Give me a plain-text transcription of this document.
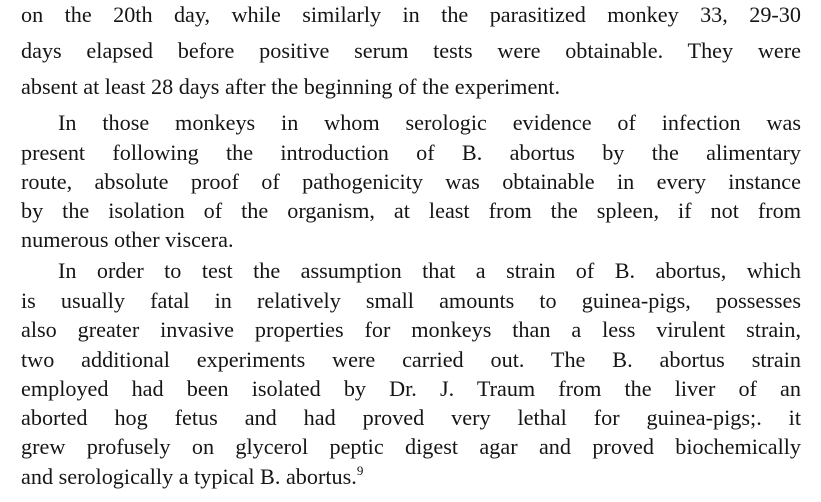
on the 20th day, while similarly in the parasitized monkey 33, 29-30
days elapsed before positive serum tests were obtainable. They were
absent at least 28 days after the beginning of the experiment.
In those monkeys in whom serologic evidence of infection was
present following the introduction of B. abortus by the alimentary
route, absolute proof of pathogenicity was obtainable in every instance
by the isolation of the organism, at least from the spleen, if not from
numerous other viscera.
In order to test the assumption that a strain of B. abortus, which
is usually fatal in relatively small amounts to guinea-pigs, possesses
also greater invasive properties for monkeys than a less virulent strain,
two additional experiments were carried out. The B. abortus strain
employed had been isolated by Dr. J. Traum from the liver of an
aborted hog fetus and had proved very lethal for guinea-pigs;. it
grew profusely on glycerol peptic digest agar and proved biochemically
and serologically a typical B. abortus.$^9$
